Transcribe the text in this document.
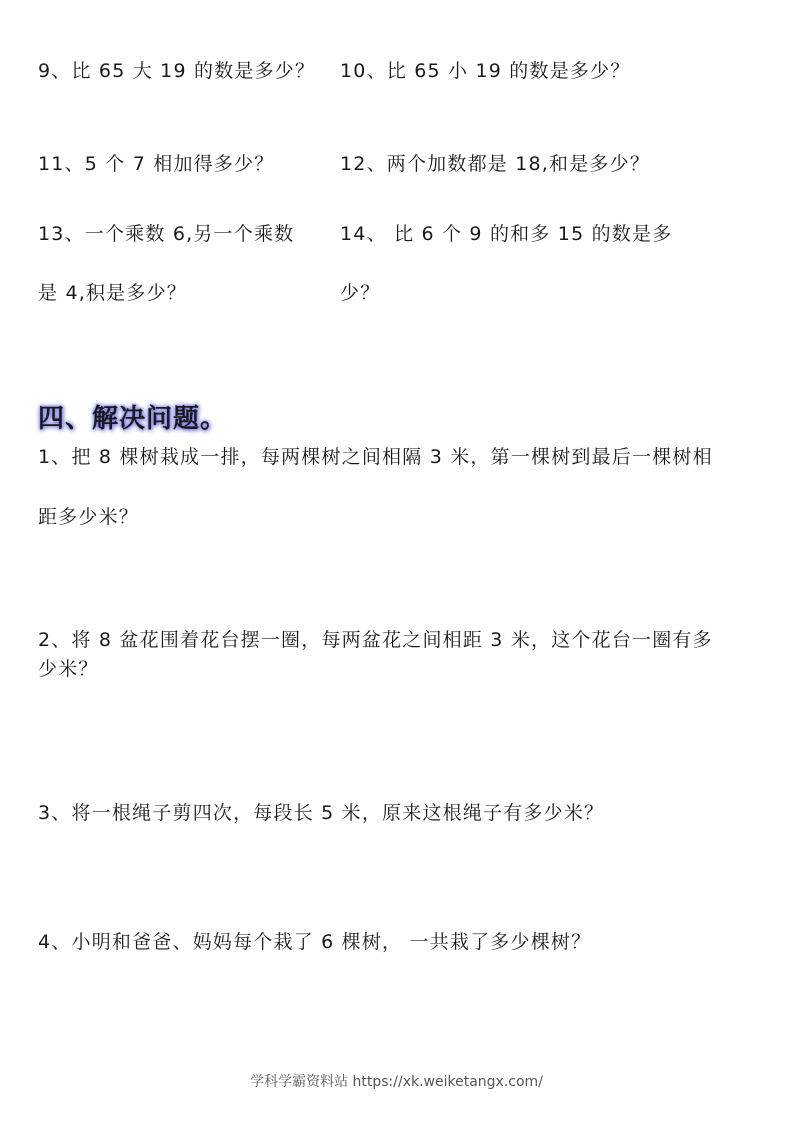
9、比 65 大 19 的数是多少？ 10、比 65 小 19 的数是多少？
11、5 个 7 相加得多少？	12、两个加数都是 18,和是多少？
13、一个乘数 6,另一个乘数
是 4,积是多少？
14、 比 6 个 9 的和多 15 的数是多
少？
四、解决问题。
1、把 8 棵树栽成一排，每两棵树之间相隔 3 米，第一棵树到最后一棵树相
距多少米？
2、将 8 盆花围着花台摆一圈，每两盆花之间相距 3 米，这个花台一圈有多
少米？
3、将一根绳子剪四次，每段长 5 米，原来这根绳子有多少米？
4、小明和爸爸、妈妈每个栽了 6 棵树， 一共栽了多少棵树？
学科学霸资料站 https://xk.weiketangx.com/
